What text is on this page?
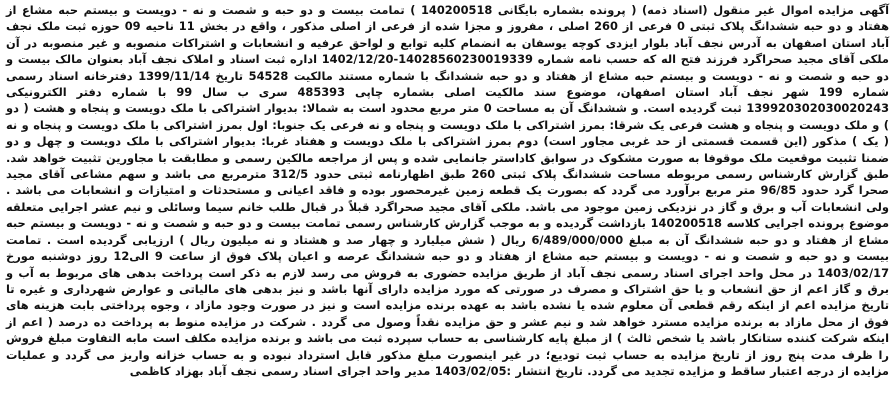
آگهی مزایده اموال غیر منقول (اسناد ذمه) ( پرونده بشماره بایگانی 140200518 ) تمامت بیست و دو حبه و شصت و نه - دویست و بیستم حبه مشاع از هفتاد و دو حبه ششدانگ پلاک ثبتی 0 فرعی از 260 اصلی ، مفروز و مجزا شده از فرعی از اصلی مذکور ، واقع در بخش 11 ناحیه 09 حوزه ثبت ملک نجف آباد استان اصفهان به آدرس نجف آباد بلوار ایزدی کوچه یوسفان به انضمام کلیه توابع و لواحق عرفیه و انشعابات و اشتراکات منصوبه و غیر منصوبه در آن ملکی آقای مجید صحراگرد فرزند فتح اله که حسب نامه شماره 14028560230019339-1402/12/20 اداره ثبت اسناد و املاک نجف آباد بعنوان مالک بیست و دو حبه و شصت و نه - دویست و بیستم حبه مشاع از هفتاد و دو حبه ششدانگ با شماره مستند مالکیت 54528 تاریخ 1399/11/14 دفترخانه اسناد رسمی شماره 199 شهر نجف آباد استان اصفهان، موضوع سند مالکیت اصلی بشماره چاپی 485393 سری ب سال 99 با شماره دفتر الکترونیکی 139920302030020243 ثبت گردیده است. و ششدانگ آن به مساحت 0 متر مربع محدود است به شمالا: بدیوار اشتراکی با ملک دویست و پنجاه و هشت ( دو ) و ملک دویست و پنجاه و هشت فرعی یک شرقا: بمرز اشتراکی با ملک دویست و پنجاه و نه فرعی یک جنوبا: اول بمرز اشتراکی با ملک دویست و پنجاه و نه ( یک ) مذکور (این قسمت قسمتی از حد غربی مجاور است) دوم بمرز اشتراکی با ملک دویست و هفتاد غربا: بدیوار اشتراکی با ملک دویست و چهل و دو ضمنا تثبیت موقعیت ملک موقوفا به صورت مشکوک در سوابق کاداستر جانمایی شده و پس از مراجعه مالکین رسمی و مطابقت با مجاورین تثبیت خواهد شد. طبق گزارش کارشناس رسمی مربوطه مساحت ششدانگ پلاک ثبتی 260 طبق اظهارنامه ثبتی حدود 312/5 مترمربع می باشد و سهم مشاعی آقای مجید صحرا گرد حدود 96/85 متر مربع برآورد می گردد که بصورت یک قطعه زمین غیرمحصور بوده و فاقد اعیانی و مستحدثات و امتیازات و انشعابات می باشد . ولی انشعابات آب و برق و گاز در نزدیکی زمین موجود می باشد. ملکی آقای مجید صحراگرد قبلاً در قبال طلب خانم سیما وسائلی و نیم عشر اجرایی متعلقه موضوع پرونده اجرایی کلاسه 140200518 بازداشت گردیده و به موجب گزارش کارشناس رسمی تمامت بیست و دو حبه و شصت و نه - دویست و بیستم حبه مشاع از هفتاد و دو حبه ششدانگ آن به مبلغ 6/489/000/000 ریال ( شش میلیارد و چهار صد و هشتاد و نه میلیون ریال ) ارزیابی گردیده است . تمامت بیست و دو حبه و شصت و نه - دویست و بیستم حبه مشاع از هفتاد و دو حبه ششدانگ عرصه و اعیان پلاک فوق از ساعت 9 الی12 روز دوشنبه مورخ 1403/02/17 در محل واحد اجرای اسناد رسمی نجف آباد از طریق مزایده حضوری به فروش می رسد لازم به ذکر است پرداخت بدهی های مربوط به آب و برق و گاز اعم از حق انشعاب و یا حق اشتراک و مصرف در صورتی که مورد مزایده دارای آنها باشد و نیز بدهی های مالیاتی و عوارض شهرداری و غیره تا تاریخ مزایده اعم از اینکه رقم قطعی آن معلوم شده یا نشده باشد به عهده برنده مزایده است و نیز در صورت وجود مازاد ، وجوه پرداختی بابت هزینه های فوق از محل مازاد به برنده مزایده مسترد خواهد شد و نیم عشر و حق مزایده نقداً وصول می گردد . شرکت در مزایده منوط به پرداخت ده درصد ( اعم از اینکه شرکت کننده ستانکار باشد یا شخص ثالث ) از مبلغ پایه کارشناسی به حساب سپرده ثبت می باشد و برنده مزایده مکلف است مابه التفاوت مبلغ فروش را ظرف مدت پنج روز از تاریخ مزایده به حساب ثبت تودیع؛ در غیر اینصورت مبلغ مذکور قابل استرداد نبوده و به حساب خزانه واریز می گردد و عملیات مزایده از درجه اعتبار ساقط و مزایده تجدید می گردد. تاریخ انتشار :1403/02/05 مدیر واحد اجرای اسناد رسمی نجف آباد بهزاد کاظمی
